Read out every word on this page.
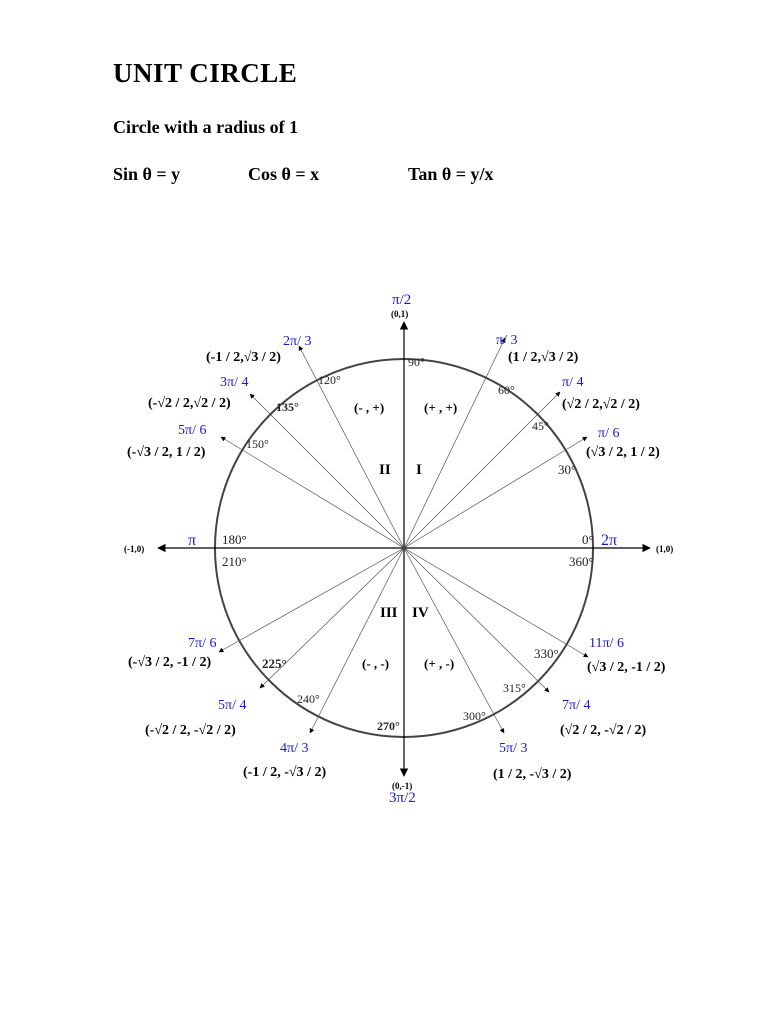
UNIT CIRCLE
Circle with a radius of 1
Sin θ = y	Cos θ = x	Tan θ = y/x
π/2
(0,1)
(0,-1)
3π/2
π
(-1,0)	2π	(1,0)
180°
210°
0°
360°
90°
270°
I
II
III IV
(- , +)	(+ , +)
(- , -)	(+ , -)
30°
45°
60°
120°
135°
150°
225°
240°
300°
315°
330°
π/ 6
π/ 4
π/ 3
2π/ 3
3π/ 4
5π/ 6
7π/ 6
5π/ 4
4π/ 3	5π/ 3
7π/ 4
11π/ 6
(√3 / 2, 1 / 2)
(√2 / 2,√2 / 2)
(1 / 2,√3 / 2)
(-1 / 2,√3 / 2)
(-√2 / 2,√2 / 2)
(-√3 / 2, 1 / 2)
(-√3 / 2, -1 / 2)
(-√2 / 2, -√2 / 2)
(-1 / 2, -√3 / 2)	(1 / 2, -√3 / 2)
(√2 / 2, -√2 / 2)
(√3 / 2, -1 / 2)
